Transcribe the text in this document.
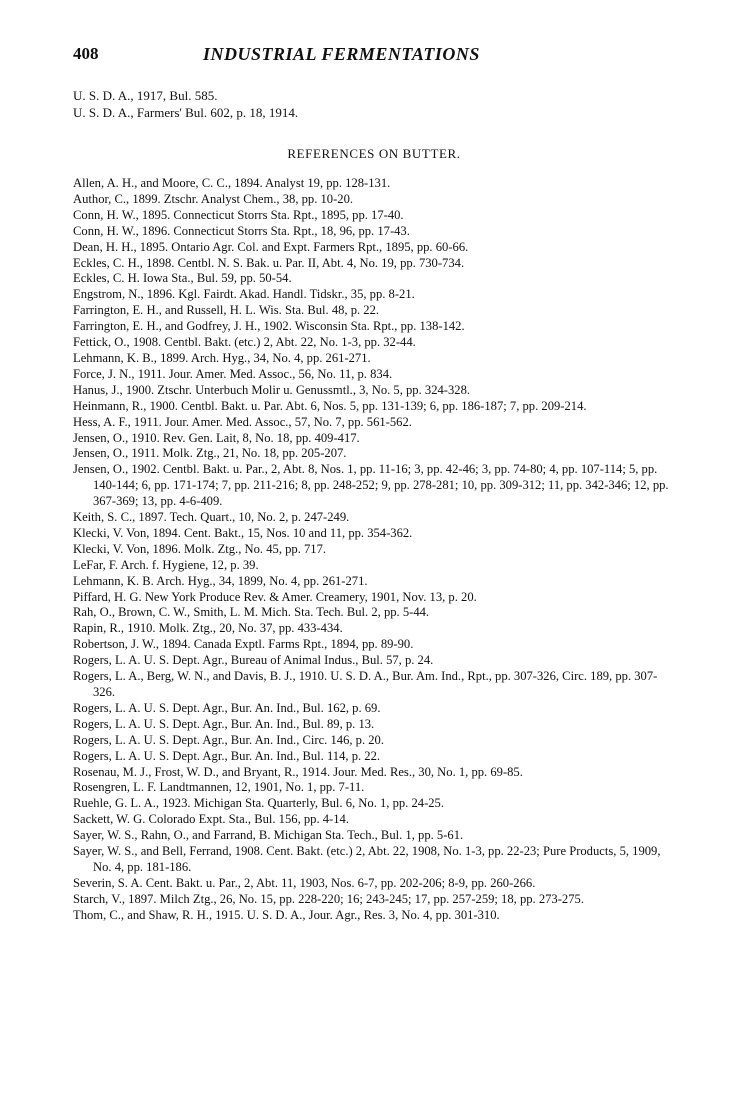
408	INDUSTRIAL FERMENTATIONS
U. S. D. A., 1917, Bul. 585.
U. S. D. A., Farmers' Bul. 602, p. 18, 1914.
REFERENCES ON BUTTER.

Allen, A. H., and Moore, C. C., 1894. Analyst 19, pp. 128-131.

Author, C., 1899. Ztschr. Analyst Chem., 38, pp. 10-20.

Conn, H. W., 1895. Connecticut Storrs Sta. Rpt., 1895, pp. 17-40.

Conn, H. W., 1896. Connecticut Storrs Sta. Rpt., 18, 96, pp. 17-43.

Dean, H. H., 1895. Ontario Agr. Col. and Expt. Farmers Rpt., 1895, pp. 60-66.

Eckles, C. H., 1898. Centbl. N. S. Bak. u. Par. II, Abt. 4, No. 19, pp. 730-734.

Eckles, C. H. Iowa Sta., Bul. 59, pp. 50-54.

Engstrom, N., 1896. Kgl. Fairdt. Akad. Handl. Tidskr., 35, pp. 8-21.

Farrington, E. H., and Russell, H. L. Wis. Sta. Bul. 48, p. 22.

Farrington, E. H., and Godfrey, J. H., 1902. Wisconsin Sta. Rpt., pp. 138-142.

Fettick, O., 1908. Centbl. Bakt. (etc.) 2, Abt. 22, No. 1-3, pp. 32-44.

Lehmann, K. B., 1899. Arch. Hyg., 34, No. 4, pp. 261-271.

Force, J. N., 1911. Jour. Amer. Med. Assoc., 56, No. 11, p. 834.

Hanus, J., 1900. Ztschr. Unterbuch Molir u. Genussmtl., 3, No. 5, pp. 324-328.

Heinmann, R., 1900. Centbl. Bakt. u. Par. Abt. 6, Nos. 5, pp. 131-139; 6, pp. 186-187; 7, pp. 209-214.

Hess, A. F., 1911. Jour. Amer. Med. Assoc., 57, No. 7, pp. 561-562.

Jensen, O., 1910. Rev. Gen. Lait, 8, No. 18, pp. 409-417.

Jensen, O., 1911. Molk. Ztg., 21, No. 18, pp. 205-207.

Jensen, O., 1902. Centbl. Bakt. u. Par., 2, Abt. 8, Nos. 1, pp. 11-16; 3, pp. 42-46; 3, pp. 74-80; 4, pp. 107-114; 5, pp. 140-144; 6, pp. 171-174; 7, pp. 211-216; 8, pp. 248-252; 9, pp. 278-281; 10, pp. 309-312; 11, pp. 342-346; 12, pp. 367-369; 13, pp. 4-6-409.

Keith, S. C., 1897. Tech. Quart., 10, No. 2, p. 247-249.

Klecki, V. Von, 1894. Cent. Bakt., 15, Nos. 10 and 11, pp. 354-362.

Klecki, V. Von, 1896. Molk. Ztg., No. 45, pp. 717.

LeFar, F. Arch. f. Hygiene, 12, p. 39.

Lehmann, K. B. Arch. Hyg., 34, 1899, No. 4, pp. 261-271.

Piffard, H. G. New York Produce Rev. & Amer. Creamery, 1901, Nov. 13, p. 20.

Rah, O., Brown, C. W., Smith, L. M. Mich. Sta. Tech. Bul. 2, pp. 5-44.

Rapin, R., 1910. Molk. Ztg., 20, No. 37, pp. 433-434.

Robertson, J. W., 1894. Canada Exptl. Farms Rpt., 1894, pp. 89-90.

Rogers, L. A. U. S. Dept. Agr., Bureau of Animal Indus., Bul. 57, p. 24.

Rogers, L. A., Berg, W. N., and Davis, B. J., 1910. U. S. D. A., Bur. Am. Ind., Rpt., pp. 307-326, Circ. 189, pp. 307-326.

Rogers, L. A. U. S. Dept. Agr., Bur. An. Ind., Bul. 162, p. 69.

Rogers, L. A. U. S. Dept. Agr., Bur. An. Ind., Bul. 89, p. 13.

Rogers, L. A. U. S. Dept. Agr., Bur. An. Ind., Circ. 146, p. 20.

Rogers, L. A. U. S. Dept. Agr., Bur. An. Ind., Bul. 114, p. 22.

Rosenau, M. J., Frost, W. D., and Bryant, R., 1914. Jour. Med. Res., 30, No. 1, pp. 69-85.

Rosengren, L. F. Landtmannen, 12, 1901, No. 1, pp. 7-11.

Ruehle, G. L. A., 1923. Michigan Sta. Quarterly, Bul. 6, No. 1, pp. 24-25.

Sackett, W. G. Colorado Expt. Sta., Bul. 156, pp. 4-14.

Sayer, W. S., Rahn, O., and Farrand, B. Michigan Sta. Tech., Bul. 1, pp. 5-61.

Sayer, W. S., and Bell, Ferrand, 1908. Cent. Bakt. (etc.) 2, Abt. 22, 1908, No. 1-3, pp. 22-23; Pure Products, 5, 1909, No. 4, pp. 181-186.

Severin, S. A. Cent. Bakt. u. Par., 2, Abt. 11, 1903, Nos. 6-7, pp. 202-206; 8-9, pp. 260-266.

Starch, V., 1897. Milch Ztg., 26, No. 15, pp. 228-220; 16; 243-245; 17, pp. 257-259; 18, pp. 273-275.

Thom, C., and Shaw, R. H., 1915. U. S. D. A., Jour. Agr., Res. 3, No. 4, pp. 301-310.
